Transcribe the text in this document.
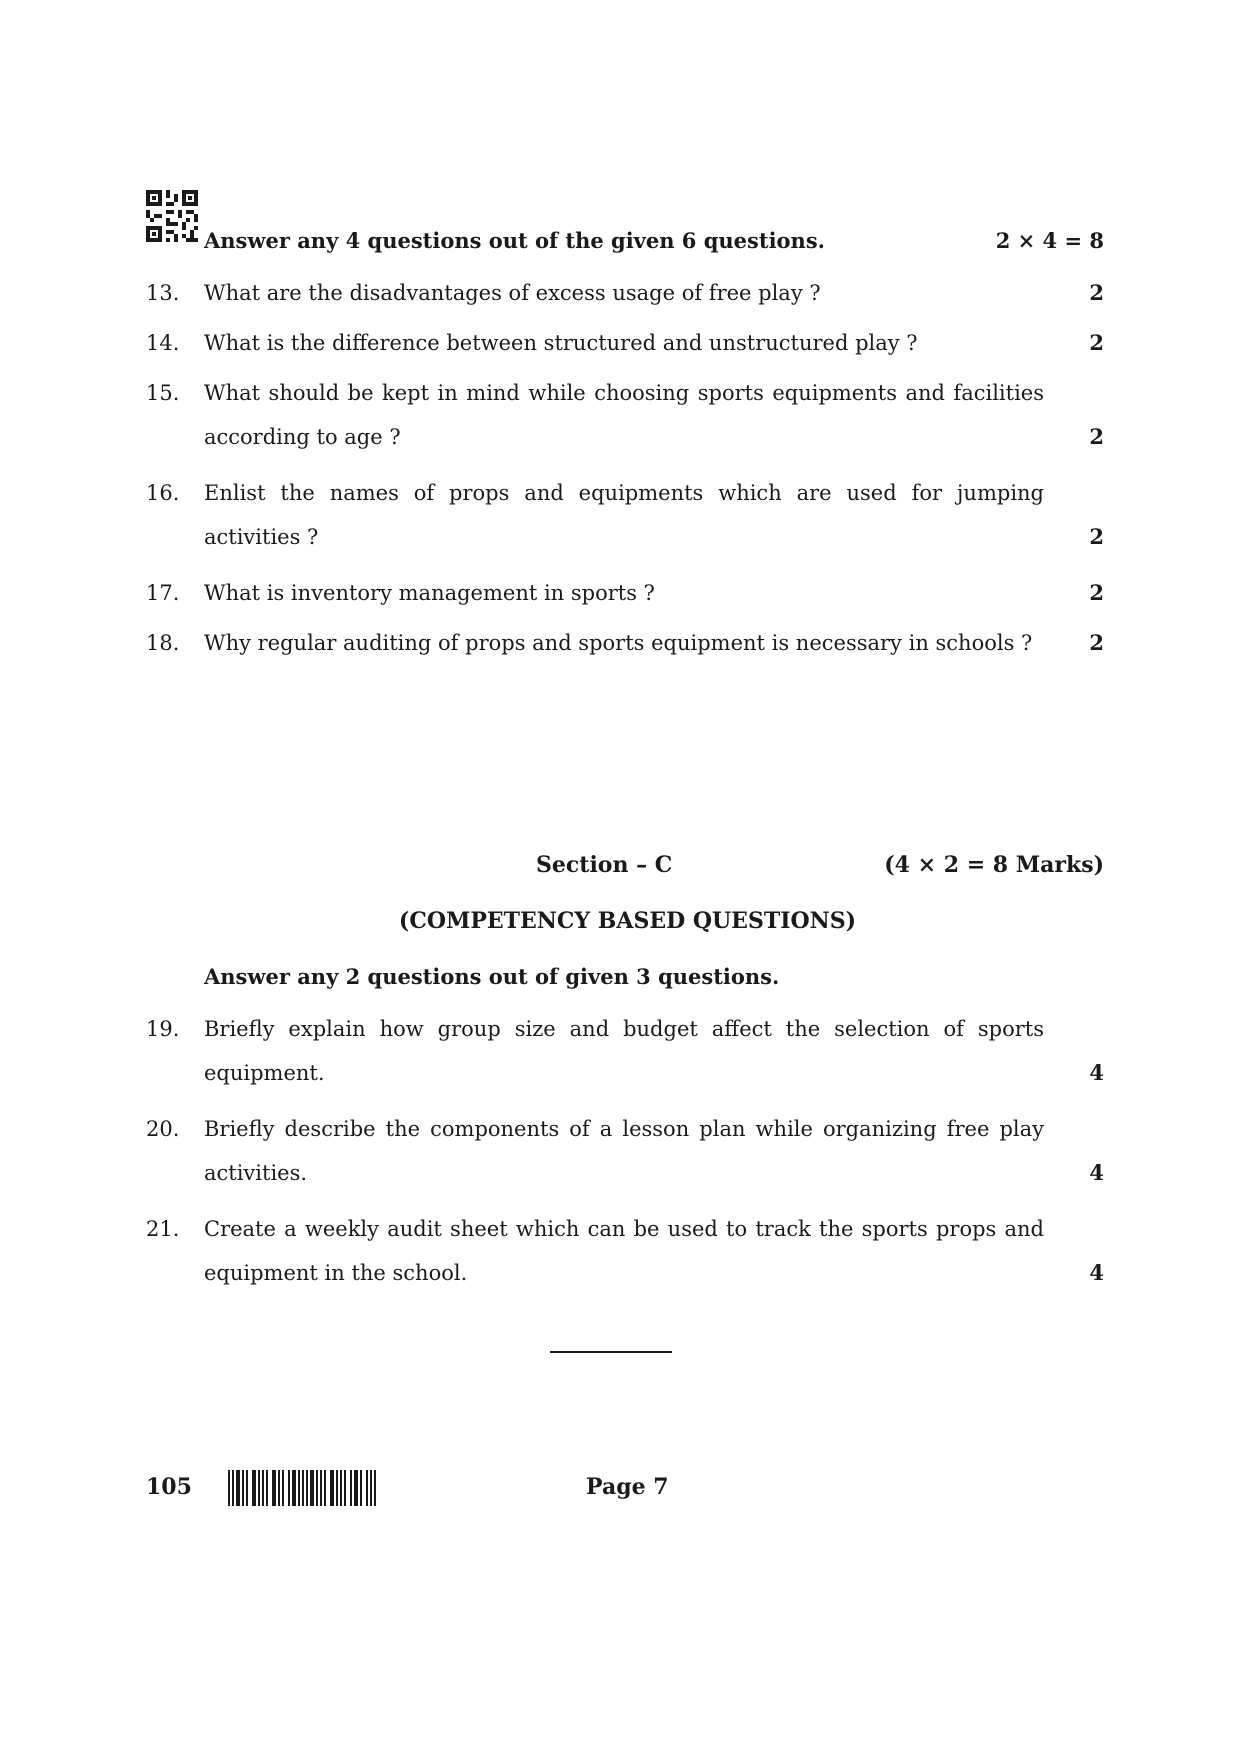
Answer any 4 questions out of the given 6 questions.	2 × 4 = 8
13.	What are the disadvantages of excess usage of free play ?	2
14.	What is the difference between structured and unstructured play ?	2
15.	What should be kept in mind while choosing sports equipments and facilities according to age ?	2
16.	Enlist the names of props and equipments which are used for jumping activities ?	2
17.	What is inventory management in sports ?	2
18.	Why regular auditing of props and sports equipment is necessary in schools ?	2
Section – C	(4 × 2 = 8 Marks)
(COMPETENCY BASED QUESTIONS)
Answer any 2 questions out of given 3 questions.
19.	Briefly explain how group size and budget affect the selection of sports equipment.	4
20.	Briefly describe the components of a lesson plan while organizing free play activities.	4
21.	Create a weekly audit sheet which can be used to track the sports props and equipment in the school.	4
105	Page 7
